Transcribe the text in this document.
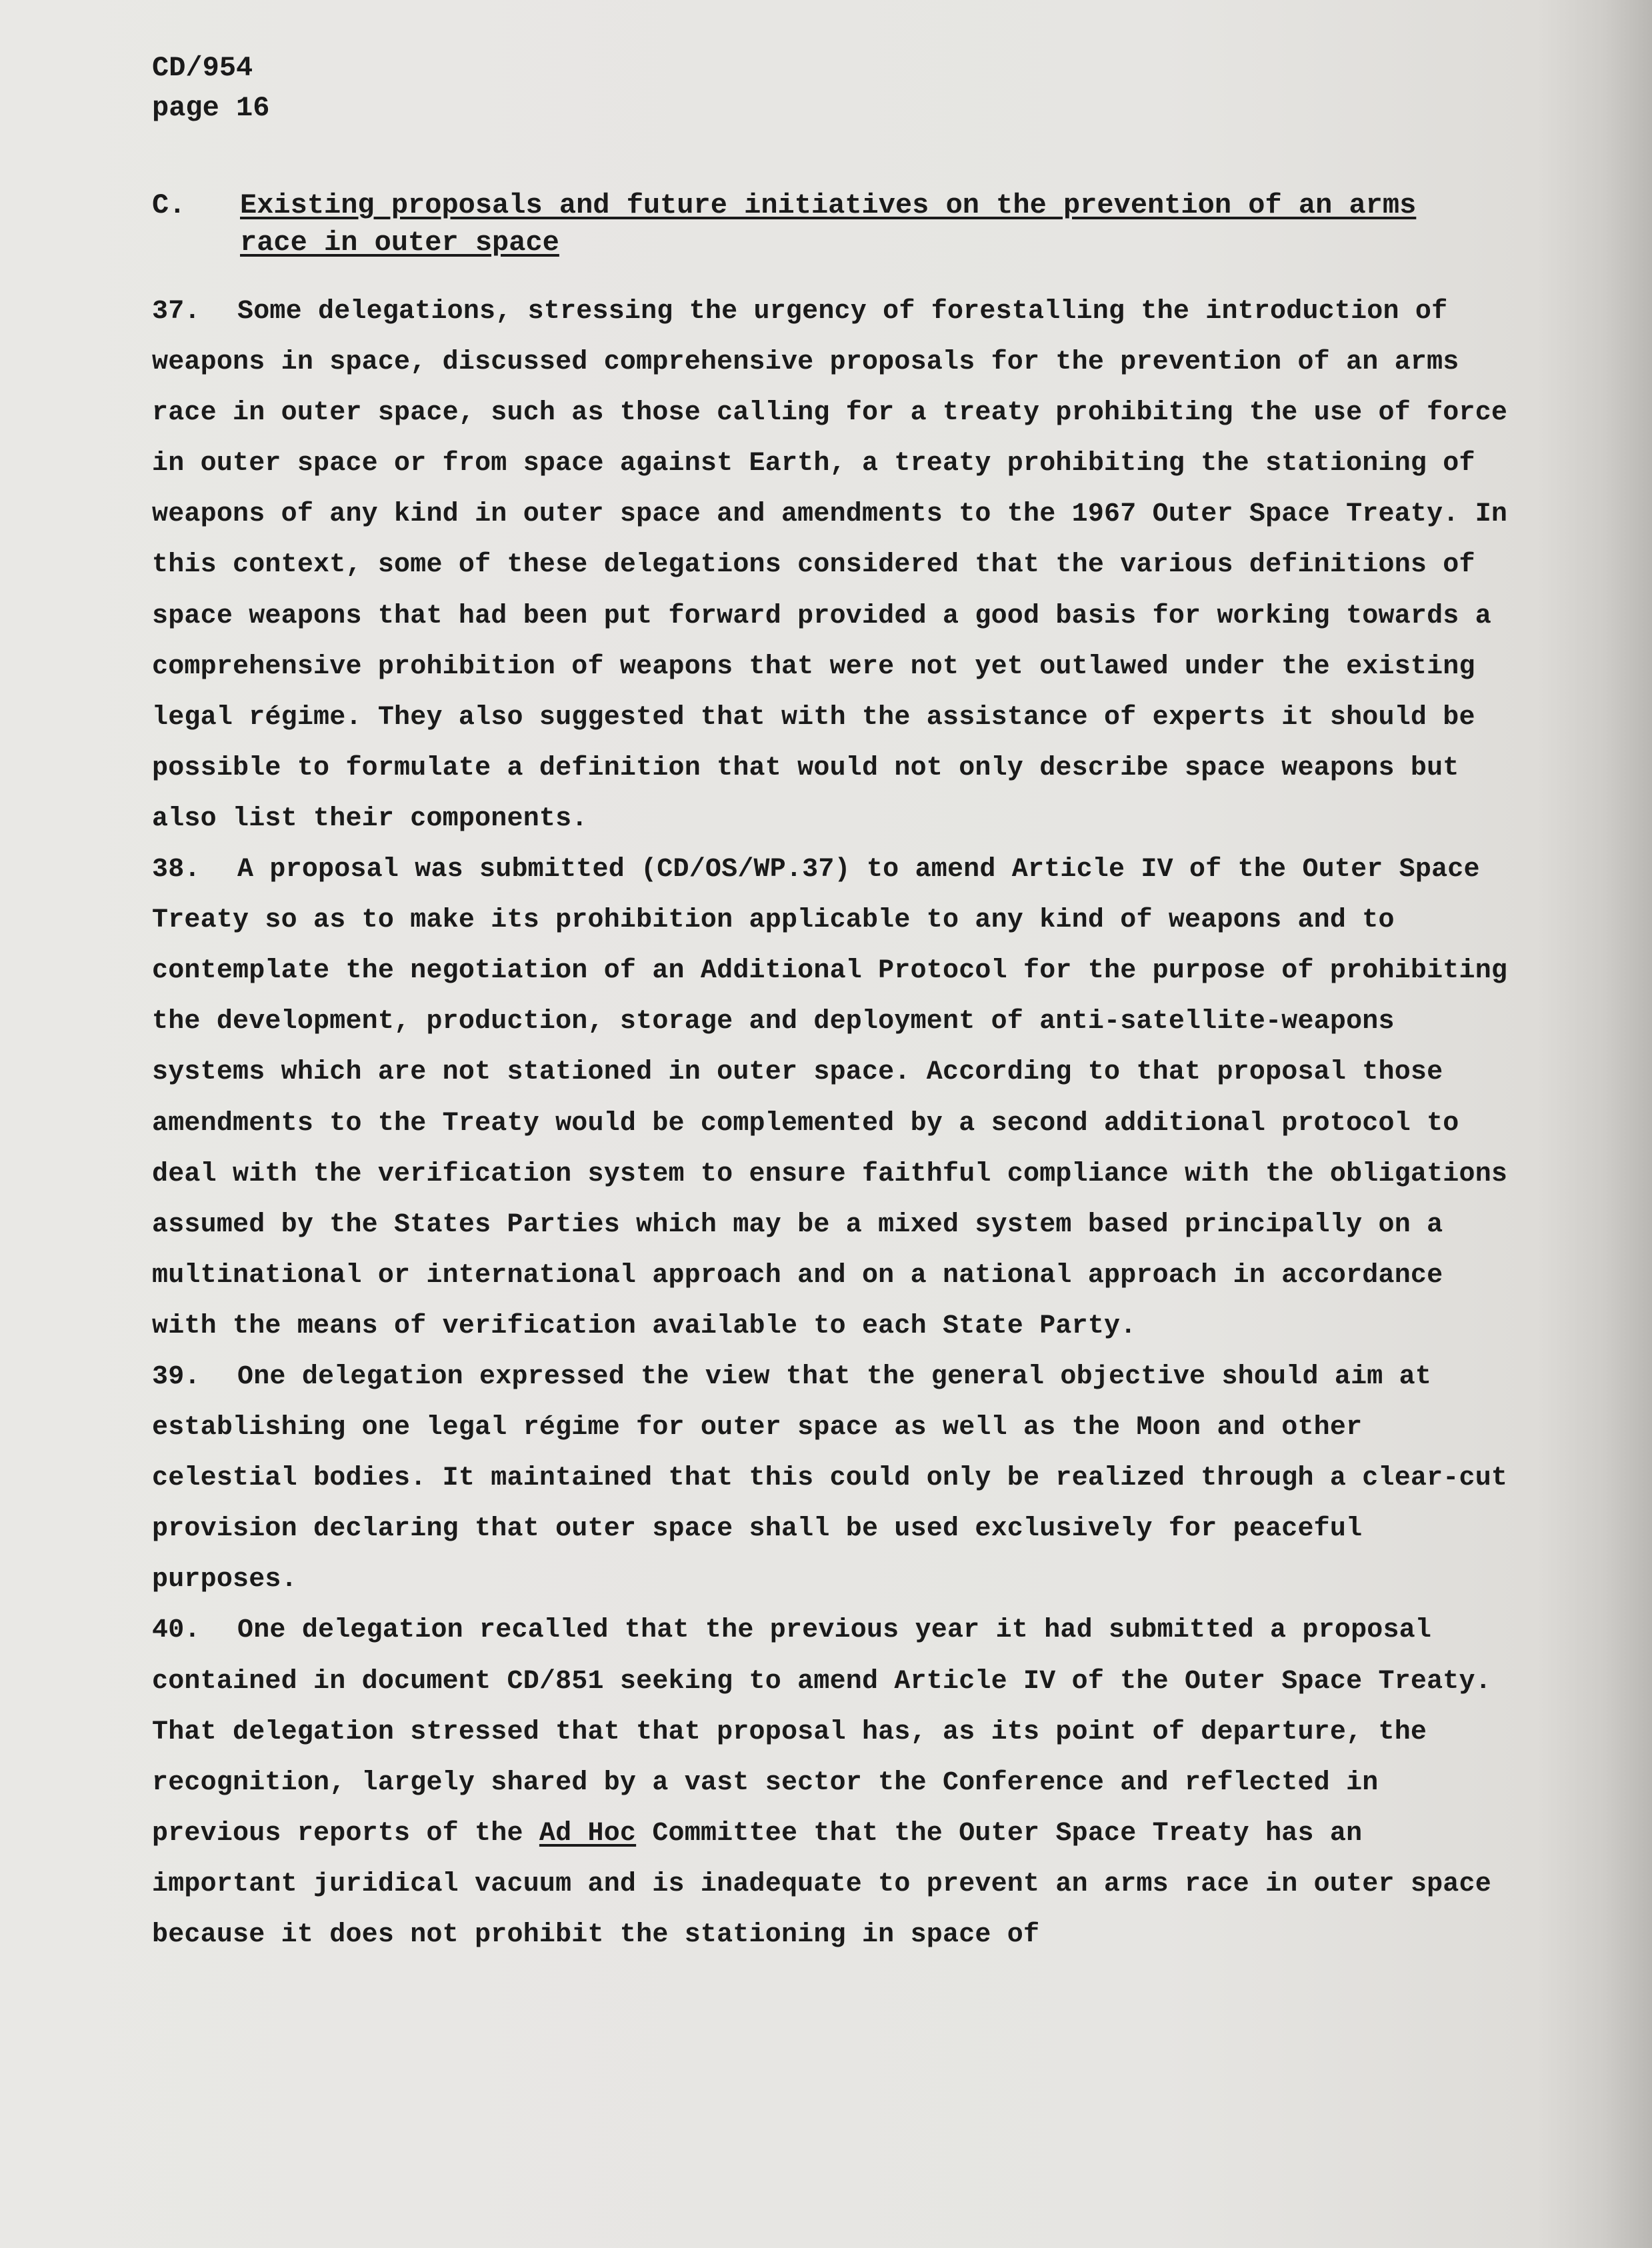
CD/954
page 16
C. Existing proposals and future initiatives on the prevention of an arms race in outer space

37. Some delegations, stressing the urgency of forestalling the introduction of weapons in space, discussed comprehensive proposals for the prevention of an arms race in outer space, such as those calling for a treaty prohibiting the use of force in outer space or from space against Earth, a treaty prohibiting the stationing of weapons of any kind in outer space and amendments to the 1967 Outer Space Treaty. In this context, some of these delegations considered that the various definitions of space weapons that had been put forward provided a good basis for working towards a comprehensive prohibition of weapons that were not yet outlawed under the existing legal régime. They also suggested that with the assistance of experts it should be possible to formulate a definition that would not only describe space weapons but also list their components.

38. A proposal was submitted (CD/OS/WP.37) to amend Article IV of the Outer Space Treaty so as to make its prohibition applicable to any kind of weapons and to contemplate the negotiation of an Additional Protocol for the purpose of prohibiting the development, production, storage and deployment of anti-satellite-weapons systems which are not stationed in outer space. According to that proposal those amendments to the Treaty would be complemented by a second additional protocol to deal with the verification system to ensure faithful compliance with the obligations assumed by the States Parties which may be a mixed system based principally on a multinational or international approach and on a national approach in accordance with the means of verification available to each State Party.

39. One delegation expressed the view that the general objective should aim at establishing one legal régime for outer space as well as the Moon and other celestial bodies. It maintained that this could only be realized through a clear-cut provision declaring that outer space shall be used exclusively for peaceful purposes.

40. One delegation recalled that the previous year it had submitted a proposal contained in document CD/851 seeking to amend Article IV of the Outer Space Treaty. That delegation stressed that that proposal has, as its point of departure, the recognition, largely shared by a vast sector the Conference and reflected in previous reports of the Ad Hoc Committee that the Outer Space Treaty has an important juridical vacuum and is inadequate to prevent an arms race in outer space because it does not prohibit the stationing in space of
